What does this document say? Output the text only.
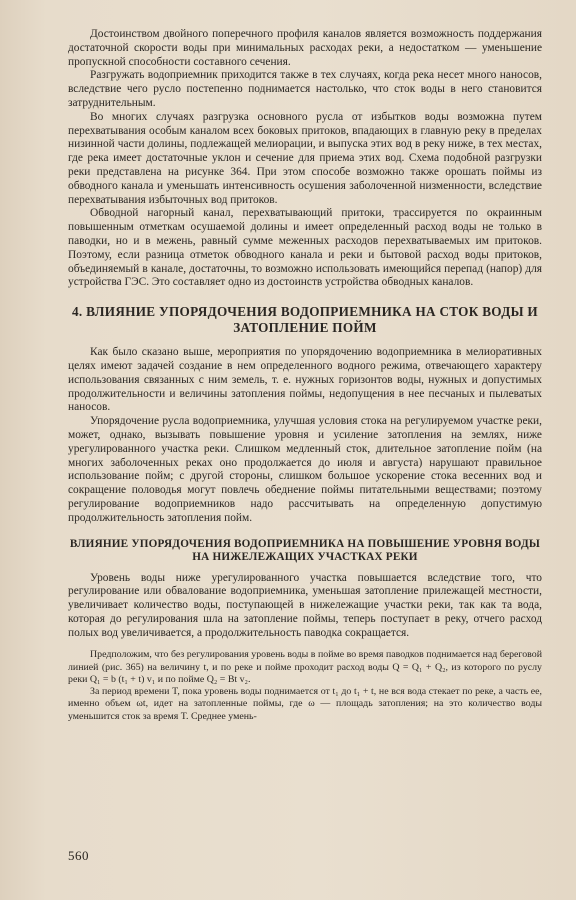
Достоинством двойного поперечного профиля каналов является возможность поддержания достаточной скорости воды при минимальных расходах реки, а недостатком — уменьшение пропускной способности составного сечения.

Разгружать водоприемник приходится также в тех случаях, когда река несет много наносов, вследствие чего русло постепенно поднимается настолько, что сток воды в него становится затруднительным.

Во многих случаях разгрузка основного русла от избытков воды возможна путем перехватывания особым каналом всех боковых притоков, впадающих в главную реку в пределах низинной части долины, подлежащей мелиорации, и выпуска этих вод в реку ниже, в тех местах, где река имеет достаточные уклон и сечение для приема этих вод. Схема подобной разгрузки реки представлена на рисунке 364. При этом способе возможно также орошать поймы из обводного канала и уменьшать интенсивность осушения заболоченной низменности, вследствие перехватывания избыточных вод притоков.

Обводной нагорный канал, перехватывающий притоки, трассируется по окраинным повышенным отметкам осушаемой долины и имеет определенный расход воды не только в паводки, но и в межень, равный сумме меженных расходов перехватываемых им притоков. Поэтому, если разница отметок обводного канала и реки и бытовой расход воды притоков, объединяемый в канале, достаточны, то возможно использовать имеющийся перепад (напор) для устройства ГЭС. Это составляет одно из достоинств устройства обводных каналов.

4. ВЛИЯНИЕ УПОРЯДОЧЕНИЯ ВОДОПРИЕМНИКА НА СТОК ВОДЫ И ЗАТОПЛЕНИЕ ПОЙМ

Как было сказано выше, мероприятия по упорядочению водоприемника в мелиоративных целях имеют задачей создание в нем определенного водного режима, отвечающего характеру использования связанных с ним земель, т. е. нужных горизонтов воды, нужных и допустимых продолжительности и величины затопления поймы, недопущения в нее песчаных и пылеватых наносов.

Упорядочение русла водоприемника, улучшая условия стока на регулируемом участке реки, может, однако, вызывать повышение уровня и усиление затопления на землях, ниже урегулированного участка реки. Слишком медленный сток, длительное затопление пойм (на многих заболоченных реках оно продолжается до июля и августа) нарушают правильное использование пойм; с другой стороны, слишком большое ускорение стока весенних вод и сокращение половодья могут повлечь обеднение поймы питательными веществами; поэтому регулирование водоприемников надо рассчитывать на определенную допустимую продолжительность затопления пойм.

ВЛИЯНИЕ УПОРЯДОЧЕНИЯ ВОДОПРИЕМНИКА НА ПОВЫШЕНИЕ УРОВНЯ ВОДЫ НА НИЖЕЛЕЖАЩИХ УЧАСТКАХ РЕКИ

Уровень воды ниже урегулированного участка повышается вследствие того, что регулирование или обвалование водоприемника, уменьшая затопление прилежащей местности, увеличивает количество воды, поступающей в нижележащие участки реки, так как та вода, которая до регулирования шла на затопление поймы, теперь поступает в реку, отчего расход полых вод увеличивается, а продолжительность паводка сокращается.

Предположим, что без регулирования уровень воды в пойме во время паводков поднимается над береговой линией (рис. 365) на величину t, и по реке и пойме проходит расход воды Q = Q₁ + Q₂, из которого по руслу реки Q₁ = b (t₁ + t) v₁ и по пойме Q₂ = Bt v₂.

За период времени T, пока уровень воды поднимается от t₁ до t₁ + t, не вся вода стекает по реке, а часть ее, именно объем ωt, идет на затопленные поймы, где ω — площадь затопления; на это количество воды уменьшится сток за время T. Среднее умень-

560
